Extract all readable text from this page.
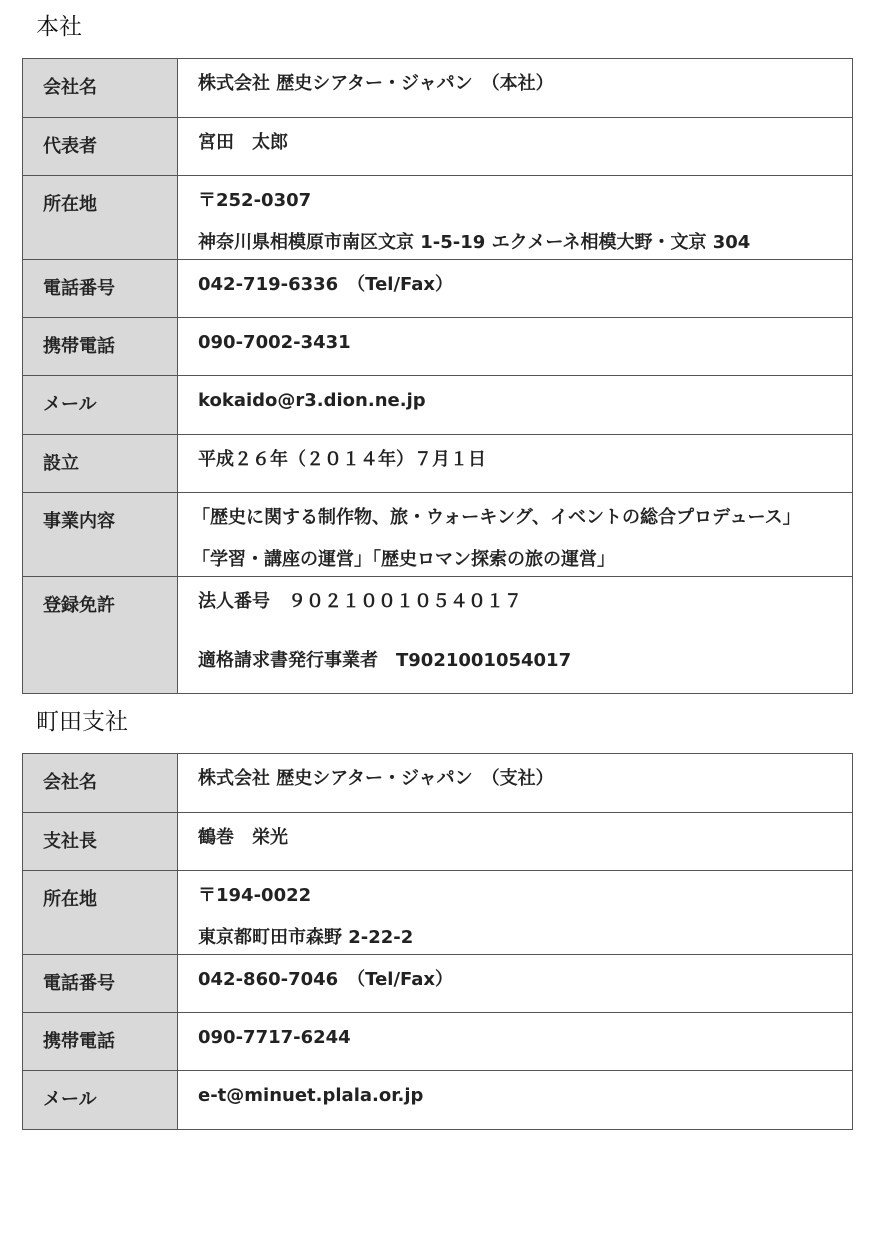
本社
会社名	株式会社 歴史シアター・ジャパン　（本社）

代表者	宮田　太郎

所在地	〒252-0307
神奈川県相模原市南区文京 1-5-19 エクメーネ相模大野・文京 304

電話番号	042-719-6336　（Tel/Fax）

携帯電話	090-7002-3431

メール	kokaido@r3.dion.ne.jp

設立	平成２６年（２０１４年）７月１日

事業内容	「歴史に関する制作物、旅・ウォーキング、イベントの総合プロデュース」
「学習・講座の運営」「歴史ロマン探索の旅の運営」

登録免許	法人番号　９０２１００１０５４０１７
適格請求書発行事業者　T9021001054017
町田支社
会社名	株式会社 歴史シアター・ジャパン　（支社）

支社長	鶴巻　栄光

所在地	〒194-0022
東京都町田市森野 2-22-2

電話番号	042-860-7046　（Tel/Fax）

携帯電話	090-7717-6244

メール	e-t@minuet.plala.or.jp
